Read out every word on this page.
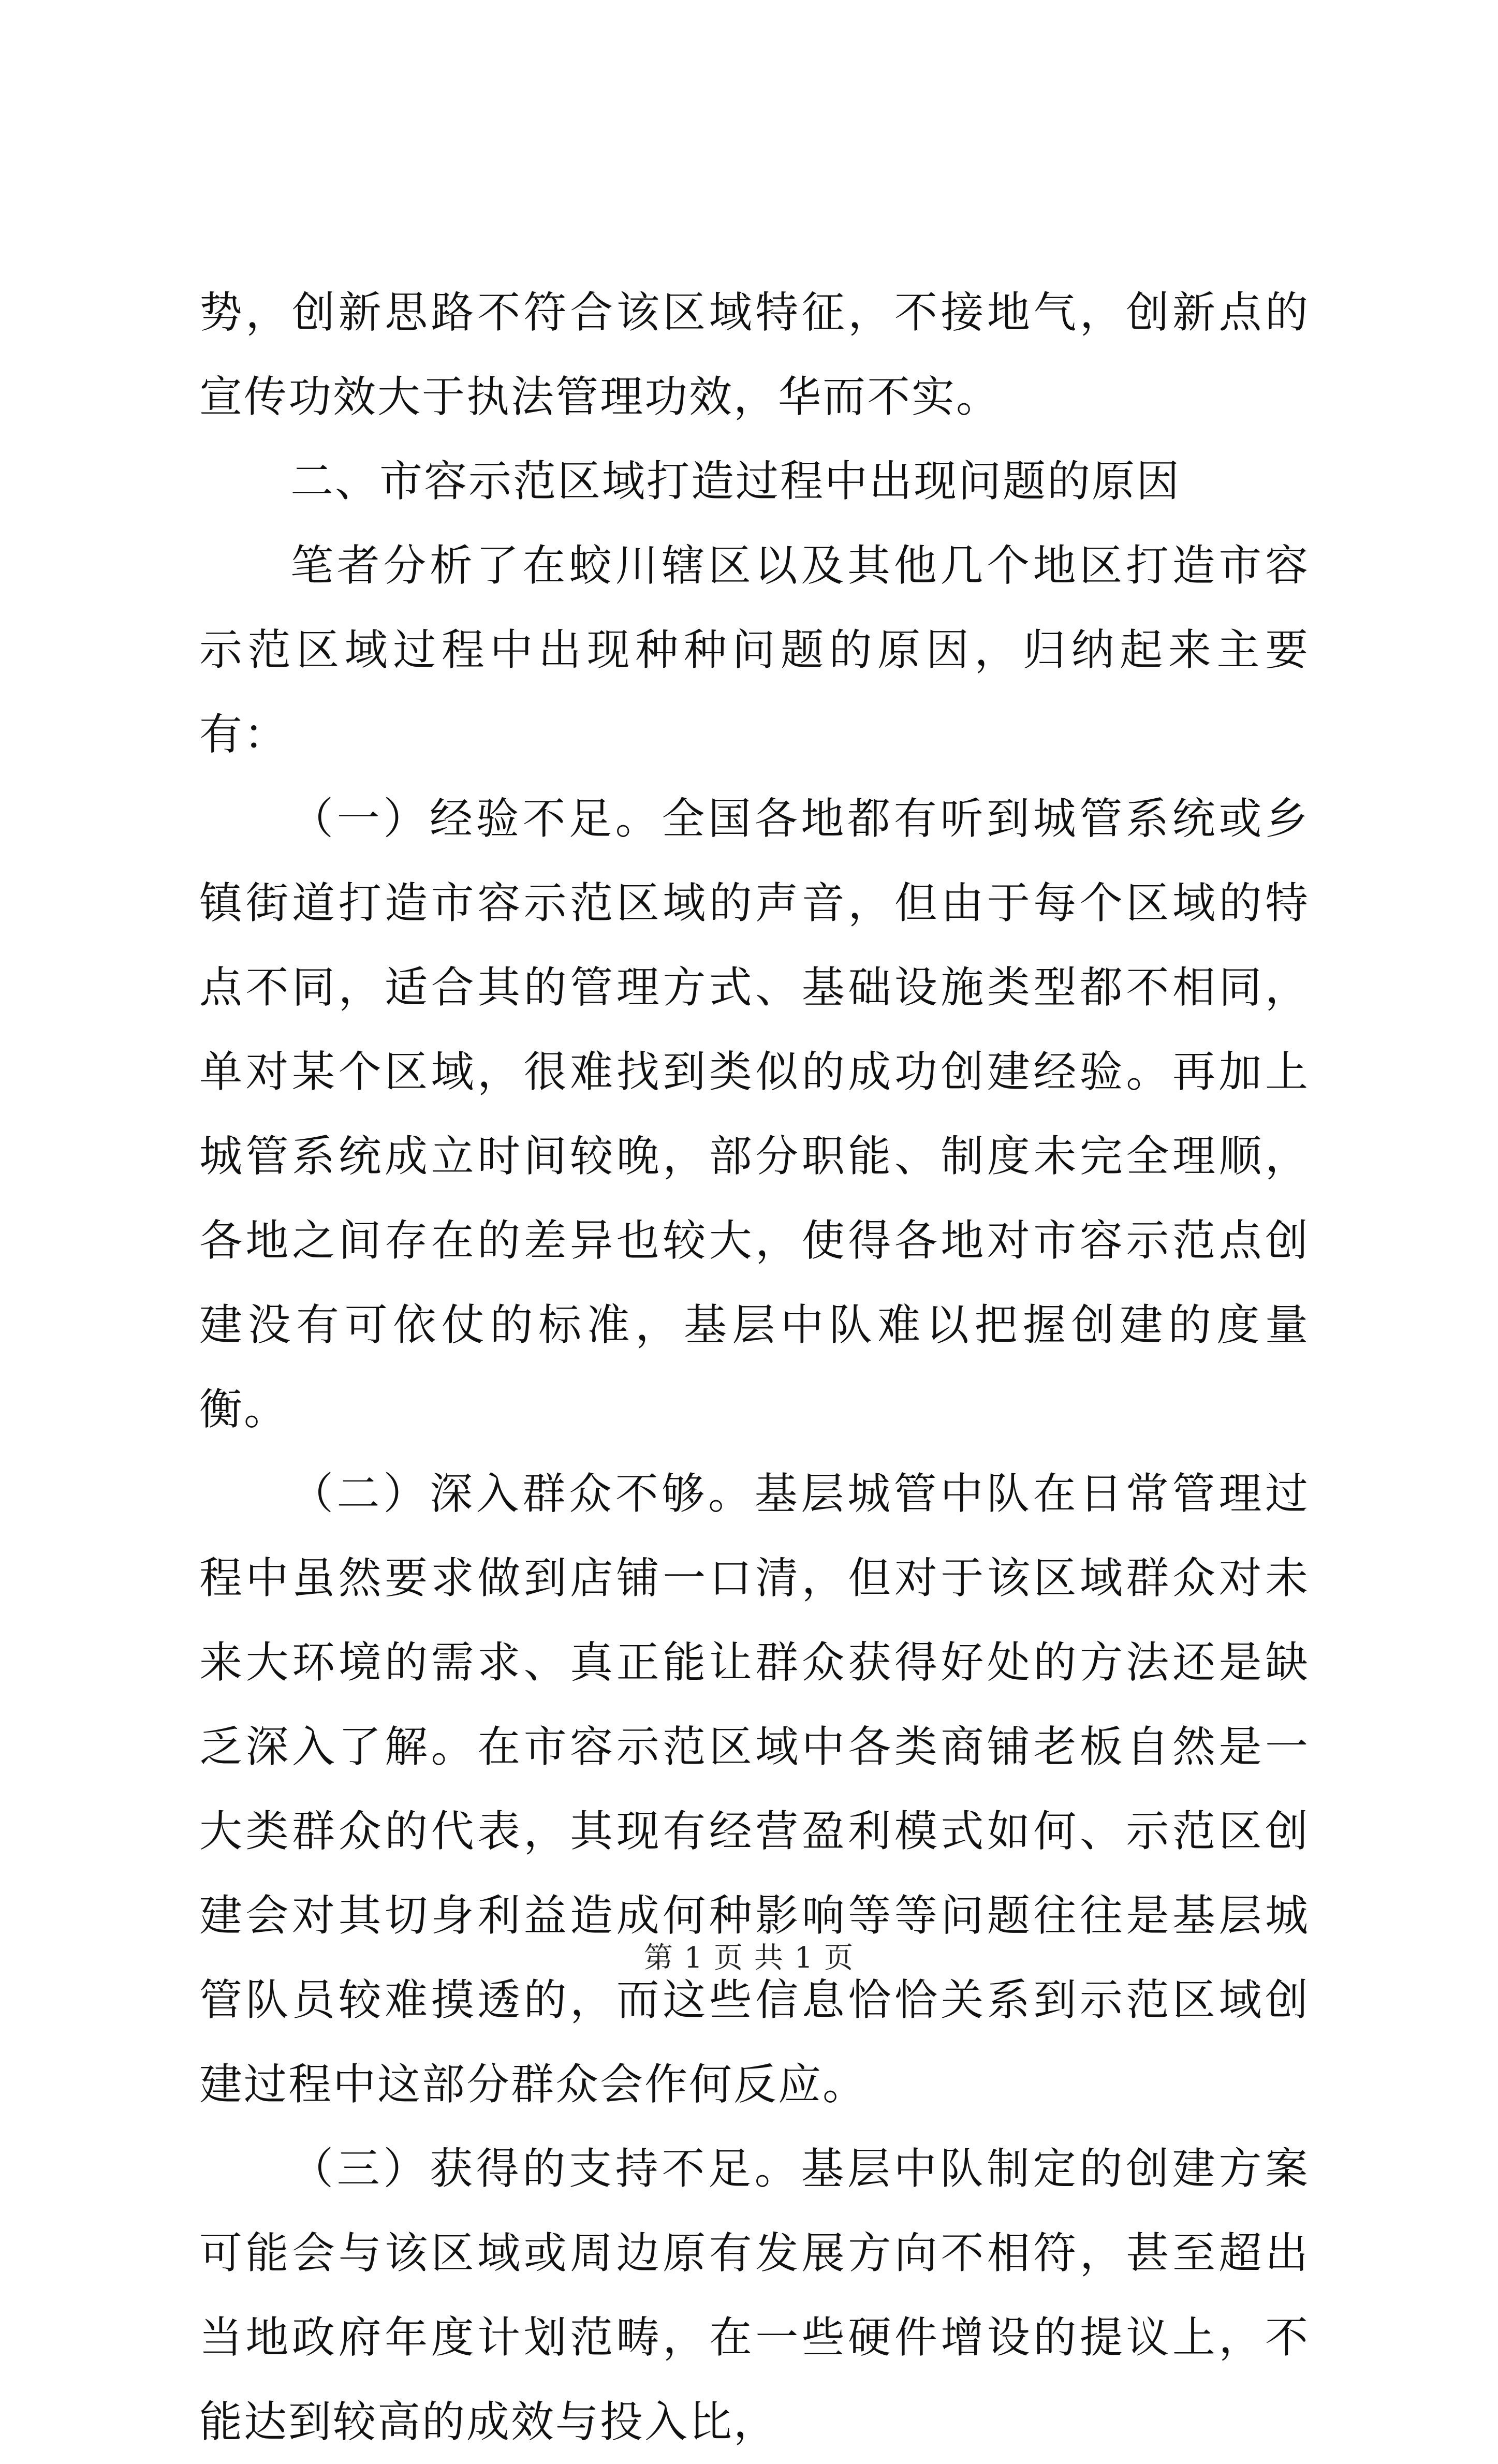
势，创新思路不符合该区域特征，不接地气，创新点的宣传功效大于执法管理功效，华而不实。

二、市容示范区域打造过程中出现问题的原因

笔者分析了在蛟川辖区以及其他几个地区打造市容示范区域过程中出现种种问题的原因，归纳起来主要有：

（一）经验不足。全国各地都有听到城管系统或乡镇街道打造市容示范区域的声音，但由于每个区域的特点不同，适合其的管理方式、基础设施类型都不相同，单对某个区域，很难找到类似的成功创建经验。再加上城管系统成立时间较晚，部分职能、制度未完全理顺，各地之间存在的差异也较大，使得各地对市容示范点创建没有可依仗的标准，基层中队难以把握创建的度量衡。

（二）深入群众不够。基层城管中队在日常管理过程中虽然要求做到店铺一口清，但对于该区域群众对未来大环境的需求、真正能让群众获得好处的方法还是缺乏深入了解。在市容示范区域中各类商铺老板自然是一大类群众的代表，其现有经营盈利模式如何、示范区创建会对其切身利益造成何种影响等等问题往往是基层城管队员较难摸透的，而这些信息恰恰关系到示范区域创建过程中这部分群众会作何反应。

（三）获得的支持不足。基层中队制定的创建方案可能会与该区域或周边原有发展方向不相符，甚至超出当地政府年度计划范畴，在一些硬件增设的提议上，不能达到较高的成效与投入比，

第 1 页 共 1 页
